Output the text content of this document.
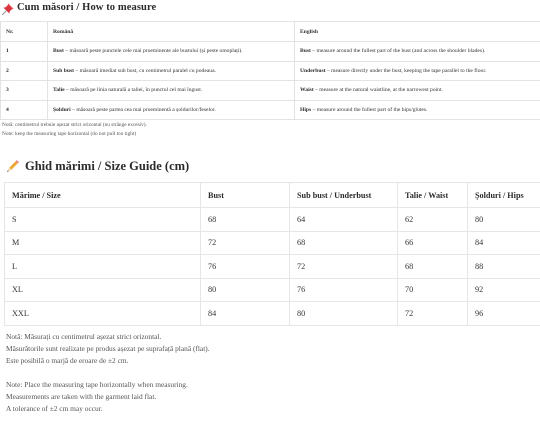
Cum măsori / How to measure
Nr.	Română	English
1	Bust – măsoară peste punctele cele mai proeminente ale bustului (și peste omoplați).	Bust – measure around the fullest part of the bust (and across the shoulder blades).
2	Sub bust – măsoară imediat sub bust, cu centimetrul paralel cu podeaua.	Underbust – measure directly under the bust, keeping the tape parallel to the floor.
3	Talie – măsoară pe linia naturală a taliei, în punctul cel mai îngust.	Waist – measure at the natural waistline, at the narrowest point.
4	Șolduri – măsoară peste partea cea mai proeminentă a șoldurilor/feselor.	Hips – measure around the fullest part of the hips/glutes.
Notă: centimetrul trebuie așezat strict orizontal (nu strânge excesiv).
Note: keep the measuring tape horizontal (do not pull too tight)
Ghid mărimi / Size Guide (cm)
Mărime / Size	Bust	Sub bust / Underbust	Talie / Waist	Șolduri / Hips
S	68	64	62	80
M	72	68	66	84
L	76	72	68	88
XL	80	76	70	92
XXL	84	80	72	96
Notă: Măsurați cu centimetrul așezat strict orizontal.
Măsurătorile sunt realizate pe produs așezat pe suprafață plană (flat).
Este posibilă o marjă de eroare de ±2 cm.
Note: Place the measuring tape horizontally when measuring.
Measurements are taken with the garment laid flat.
A tolerance of ±2 cm may occur.
